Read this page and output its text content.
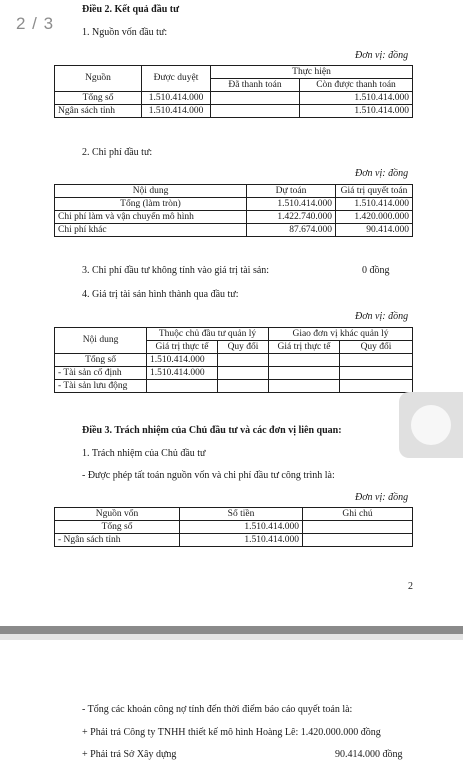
2 / 3
Điều 2. Kết quả đầu tư
1. Nguồn vốn đầu tư:
Đơn vị: đồng
Nguồn	Được duyệt	Thực hiện	
		Đã thanh toán	Còn được thanh toán
Tổng số	1.510.414.000		1.510.414.000
Ngân sách tỉnh	1.510.414.000		1.510.414.000
2. Chi phí đầu tư:
Đơn vị: đồng
Nội dung	Dự toán	Giá trị quyết toán
Tổng (làm tròn)	1.510.414.000	1.510.414.000
Chi phí làm và vận chuyển mô hình	1.422.740.000	1.420.000.000
Chi phí khác	87.674.000	90.414.000
3. Chi phí đầu tư không tính vào giá trị tài sản:	0 đồng
4. Giá trị tài sản hình thành qua đầu tư:
Đơn vị: đồng
Nội dung	Thuộc chủ đầu tư quản lý		Giao đơn vị khác quản lý	
	Giá trị thực tế	Quy đổi	Giá trị thực tế	Quy đổi
Tổng số	1.510.414.000			
- Tài sản cố định	1.510.414.000			
- Tài sản lưu động				
Điều 3. Trách nhiệm của Chủ đầu tư và các đơn vị liên quan:
1. Trách nhiệm của Chủ đầu tư
- Được phép tất toán nguồn vốn và chi phí đầu tư công trình là:
Đơn vị: đồng
Nguồn vốn	Số tiền	Ghi chú
Tổng số	1.510.414.000	
- Ngân sách tỉnh	1.510.414.000	
2
- Tổng các khoản công nợ tính đến thời điểm báo cáo quyết toán là:
+ Phải trả Công ty TNHH thiết kế mô hình Hoàng Lê: 1.420.000.000 đồng
+ Phải trả Sở Xây dựng	90.414.000 đồng
